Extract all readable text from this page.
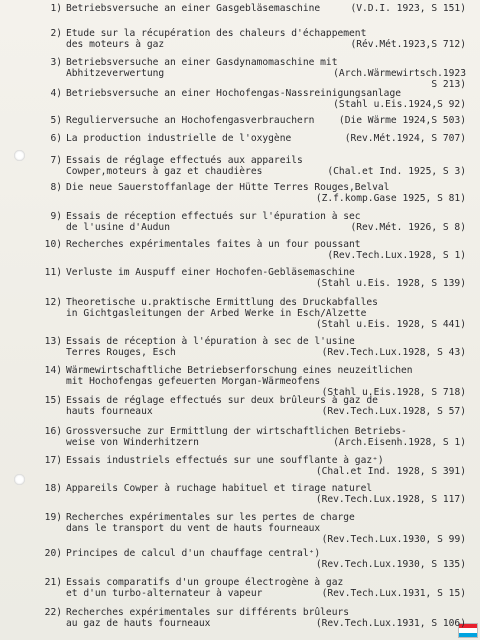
1) Betriebsversuche an einer Gasgebläsemaschine	(V.D.I. 1923, S 151)
2) Etude sur la récupération des chaleurs d'échappement
des moteurs à gaz	(Rév.Mét.1923,S 712)
3) Betriebsversuche an einer Gasdynamomaschine mit
Abhitzeverwertung	(Arch.Wärmewirtsch.1923
S 213)
4) Betriebsversuche an einer Hochofengas-Nassreinigungsanlage
(Stahl u.Eis.1924,S 92)
5) Regulierversuche an Hochofengasverbrauchern	(Die Wärme 1924,S 503)
6) La production industrielle de l'oxygène	(Rev.Mét.1924, S 707)
7) Essais de réglage effectués aux appareils
Cowper,moteurs à gaz et chaudières	(Chal.et Ind. 1925, S 3)
8) Die neue Sauerstoffanlage der Hütte Terres Rouges,Belval
(Z.f.komp.Gase 1925, S 81)
9) Essais de réception effectués sur l'épuration à sec
de l'usine d'Audun	(Rev.Mét. 1926, S 8)
10) Recherches expérimentales faites à un four poussant
(Rev.Tech.Lux.1928, S 1)
11) Verluste im Auspuff einer Hochofen-Gebläsemaschine
(Stahl u.Eis. 1928, S 139)
12) Theoretische u.praktische Ermittlung des Druckabfalles
in Gichtgasleitungen der Arbed Werke in Esch/Alzette
(Stahl u.Eis. 1928, S 441)
13) Essais de réception à l'épuration à sec de l'usine
Terres Rouges, Esch	(Rev.Tech.Lux.1928, S 43)
14) Wärmewirtschaftliche Betriebserforschung eines neuzeitlichen
mit Hochofengas gefeuerten Morgan-Wärmeofens
(Stahl u.Eis.1928, S 718)
15) Essais de réglage effectués sur deux brûleurs à gaz de
hauts fourneaux	(Rev.Tech.Lux.1928, S 57)
16) Grossversuche zur Ermittlung der wirtschaftlichen Betriebs-
weise von Winderhitzern	(Arch.Eisenh.1928, S 1)
17) Essais industriels effectués sur une soufflante à gaz⁺)
(Chal.et Ind. 1928, S 391)
18) Appareils Cowper à ruchage habituel et tirage naturel
(Rev.Tech.Lux.1928, S 117)
19) Recherches expérimentales sur les pertes de charge
dans le transport du vent de hauts fourneaux
(Rev.Tech.Lux.1930, S 99)
20) Principes de calcul d'un chauffage central⁺)
(Rev.Tech.Lux.1930, S 135)
21) Essais comparatifs d'un groupe électrogène à gaz
et d'un turbo-alternateur à vapeur	(Rev.Tech.Lux.1931, S 15)
22) Recherches expérimentales sur différents brûleurs
au gaz de hauts fourneaux	(Rev.Tech.Lux.1931, S 106)
